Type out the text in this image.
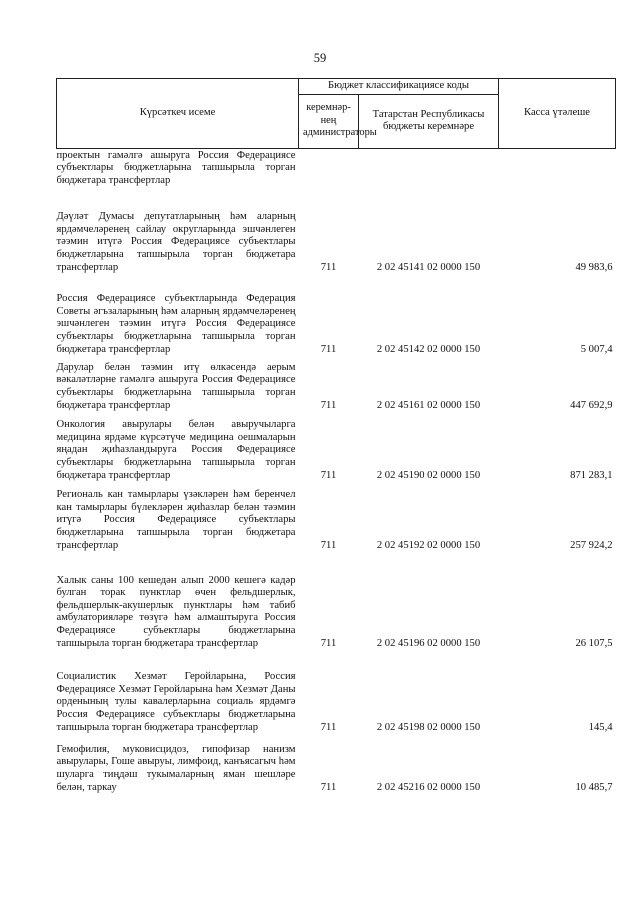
59
Күрсәткеч исеме	Бюджет классификациясе коды		Касса үтәлеше
	керемнәр-нең администраторы	Татарстан Республикасы бюджеты керемнәре	
проектын гамәлгә ашыруга Россия Федерациясе субъектлары бюджетларына тапшырыла торган бюджетара трансфертлар			
Дәүләт Думасы депутатларының һәм аларның ярдәмчеләренең сайлау округларында эшчәнлеген тәэмин итүгә Россия Федерациясе субъектлары бюджетларына тапшырыла торган бюджетара трансфертлар	711	2 02 45141 02 0000 150	49 983,6
Россия Федерациясе субъектларында Федерация Советы әгъзаларының һәм аларның ярдәмчеләренең эшчәнлеген тәэмин итүгә Россия Федерациясе субъектлары бюджетларына тапшырыла торган бюджетара трансфертлар	711	2 02 45142 02 0000 150	5 007,4
Дарулар белән тәэмин итү өлкәсендә аерым вәкаләтләрне гамәлгә ашыруга Россия Федерациясе субъектлары бюджетларына тапшырыла торган бюджетара трансфертлар	711	2 02 45161 02 0000 150	447 692,9
Онкология авырулары белән авыручыларга медицина ярдәме күрсәтүче медицина оешмаларын яңадан җиһазландыруга Россия Федерациясе субъектлары бюджетларына тапшырыла торган бюджетара трансфертлар	711	2 02 45190 02 0000 150	871 283,1
Региональ кан тамырлары үзәкләрен һәм беренчел кан тамырлары бүлекләрен җиһазлар белән тәэмин итүгә Россия Федерациясе субъектлары бюджетларына тапшырыла торган бюджетара трансфертлар	711	2 02 45192 02 0000 150	257 924,2
Халык саны 100 кешедән алып 2000 кешегә кадәр булган торак пунктлар өчен фельдшерлык, фельдшерлык-акушерлык пунктлары һәм табиб амбулаторияләре төзүгә һәм алмаштыруга Россия Федерациясе субъектлары бюджетларына тапшырыла торган бюджетара трансфертлар	711	2 02 45196 02 0000 150	26 107,5
Социалистик Хезмәт Геройларына, Россия Федерациясе Хезмәт Геройларына һәм Хезмәт Даны орденының тулы кавалерларына социаль ярдәмгә Россия Федерациясе субъектлары бюджетларына тапшырыла торган бюджетара трансфертлар	711	2 02 45198 02 0000 150	145,4
Гемофилия, муковисцидоз, гипофизар нанизм авырулары, Гоше авыруы, лимфоид, канъясагыч һәм шуларга тиңдәш тукымаларның яман шешләре белән, таркау	711	2 02 45216 02 0000 150	10 485,7
